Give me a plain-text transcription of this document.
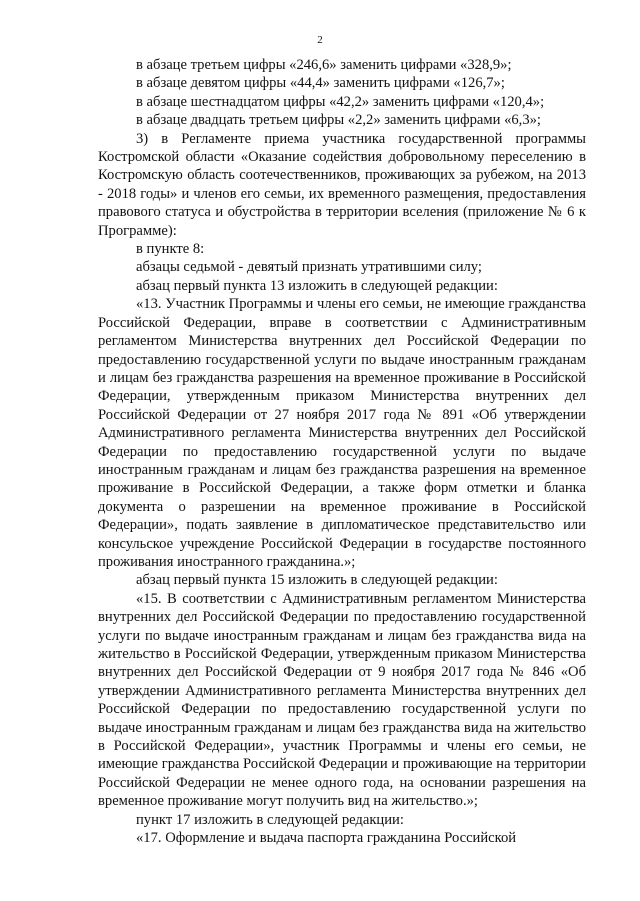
2

в абзаце третьем цифры «246,6» заменить цифрами «328,9»;

в абзаце девятом цифры «44,4» заменить цифрами «126,7»;

в абзаце шестнадцатом цифры «42,2» заменить цифрами «120,4»;

в абзаце двадцать третьем цифры «2,2» заменить цифрами «6,3»;

3) в Регламенте приема участника государственной программы Костромской области «Оказание содействия добровольному переселению в Костромскую область соотечественников, проживающих за рубежом, на 2013 - 2018 годы» и членов его семьи, их временного размещения, предоставления правового статуса и обустройства в территории вселения (приложение № 6 к Программе):

в пункте 8:

абзацы седьмой - девятый признать утратившими силу;

абзац первый пункта 13 изложить в следующей редакции:

«13. Участник Программы и члены его семьи, не имеющие гражданства Российской Федерации, вправе в соответствии с Административным регламентом Министерства внутренних дел Российской Федерации по предоставлению государственной услуги по выдаче иностранным гражданам и лицам без гражданства разрешения на временное проживание в Российской Федерации, утвержденным приказом Министерства внутренних дел Российской Федерации от 27 ноября 2017 года № 891 «Об утверждении Административного регламента Министерства внутренних дел Российской Федерации по предоставлению государственной услуги по выдаче иностранным гражданам и лицам без гражданства разрешения на временное проживание в Российской Федерации, а также форм отметки и бланка документа о разрешении на временное проживание в Российской Федерации», подать заявление в дипломатическое представительство или консульское учреждение Российской Федерации в государстве постоянного проживания иностранного гражданина.»;

абзац первый пункта 15 изложить в следующей редакции:

«15. В соответствии с Административным регламентом Министерства внутренних дел Российской Федерации по предоставлению государственной услуги по выдаче иностранным гражданам и лицам без гражданства вида на жительство в Российской Федерации, утвержденным приказом Министерства внутренних дел Российской Федерации от 9 ноября 2017 года № 846 «Об утверждении Административного регламента Министерства внутренних дел Российской Федерации по предоставлению государственной услуги по выдаче иностранным гражданам и лицам без гражданства вида на жительство в Российской Федерации», участник Программы и члены его семьи, не имеющие гражданства Российской Федерации и проживающие на территории Российской Федерации не менее одного года, на основании разрешения на временное проживание могут получить вид на жительство.»;

пункт 17 изложить в следующей редакции:

«17. Оформление и выдача паспорта гражданина Российской
